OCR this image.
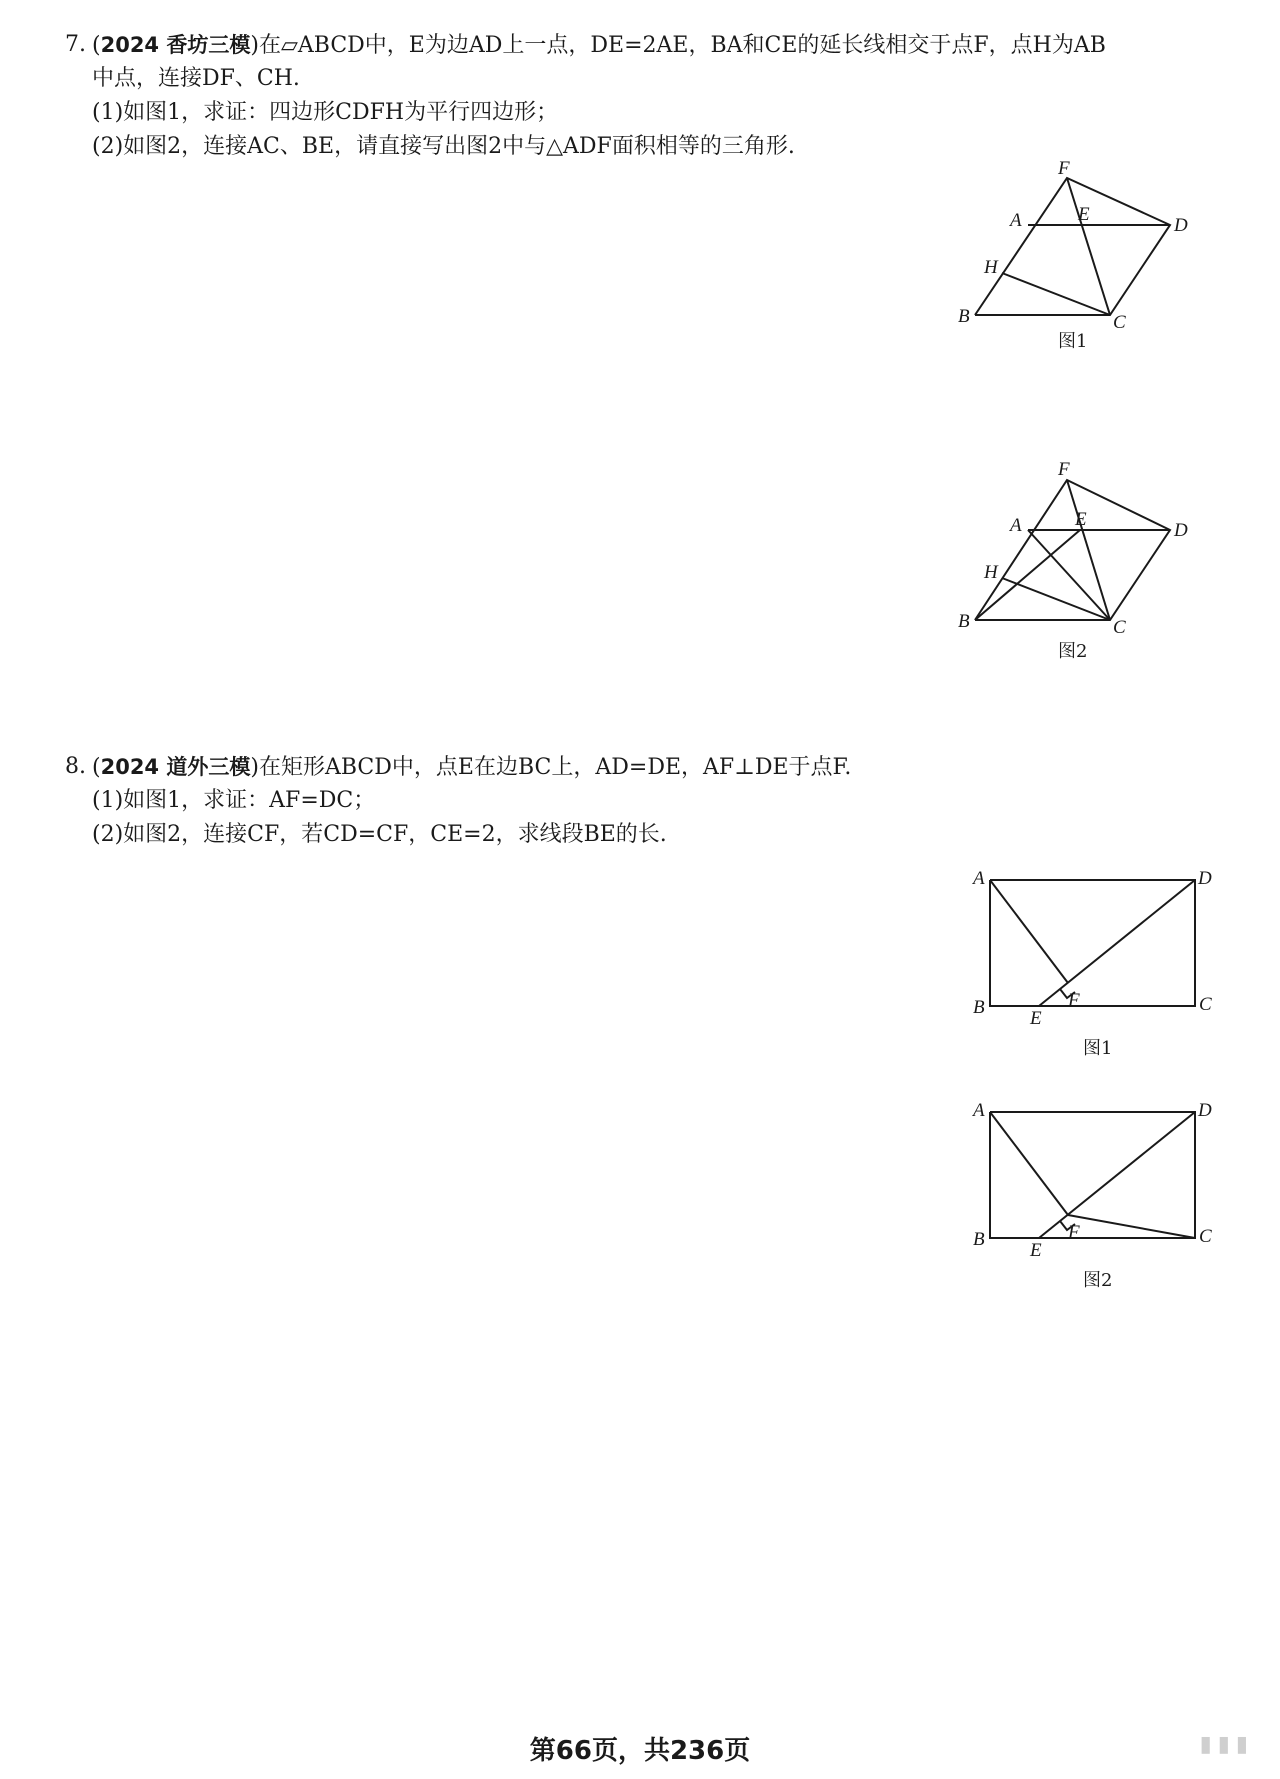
7. (2024 香坊三模)在▱ABCD中，E为边AD上一点，DE=2AE，BA和CE的延长线相交于点F，点H为AB
中点，连接DF、CH.
(1)如图1，求证：四边形CDFH为平行四边形；
(2)如图2，连接AC、BE，请直接写出图2中与△ADF面积相等的三角形.
F
A	E
D
H
B	C
图1
F
A	E
D
H
B	C
图2
8. (2024 道外三模)在矩形ABCD中，点E在边BC上，AD=DE，AF⊥DE于点F.
(1)如图1，求证：AF=DC；
(2)如图2，连接CF，若CD=CF，CE=2，求线段BE的长.
A	D
F
B
E
C
图1
A	D
F
B
E
C
图2
第66页，共236页	▮▮▮
